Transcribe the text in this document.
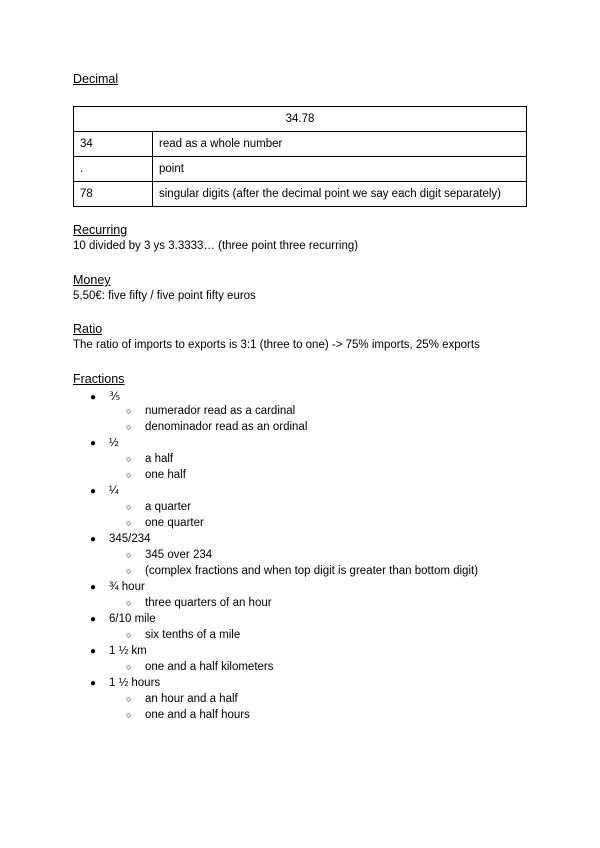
Decimal
34.78	
34	read as a whole number
.	point
78	singular digits (after the decimal point we say each digit separately)
Recurring
10 divided by 3 ys 3.3333… (three point three recurring)
Money
5,50€: five fifty / five point fifty euros
Ratio
The ratio of imports to exports is 3:1 (three to one) -> 75% imports, 25% exports
Fractions
● ⅗
○ numerador read as a cardinal
○ denominador read as an ordinal
● ½
○ a half
○ one half
● ¼
○ a quarter
○ one quarter
● 345/234
○ 345 over 234
○ (complex fractions and when top digit is greater than bottom digit)
● ¾ hour
○ three quarters of an hour
● 6/10 mile
○ six tenths of a mile
● 1 ½ km
○ one and a half kilometers
● 1 ½ hours
○ an hour and a half
○ one and a half hours
